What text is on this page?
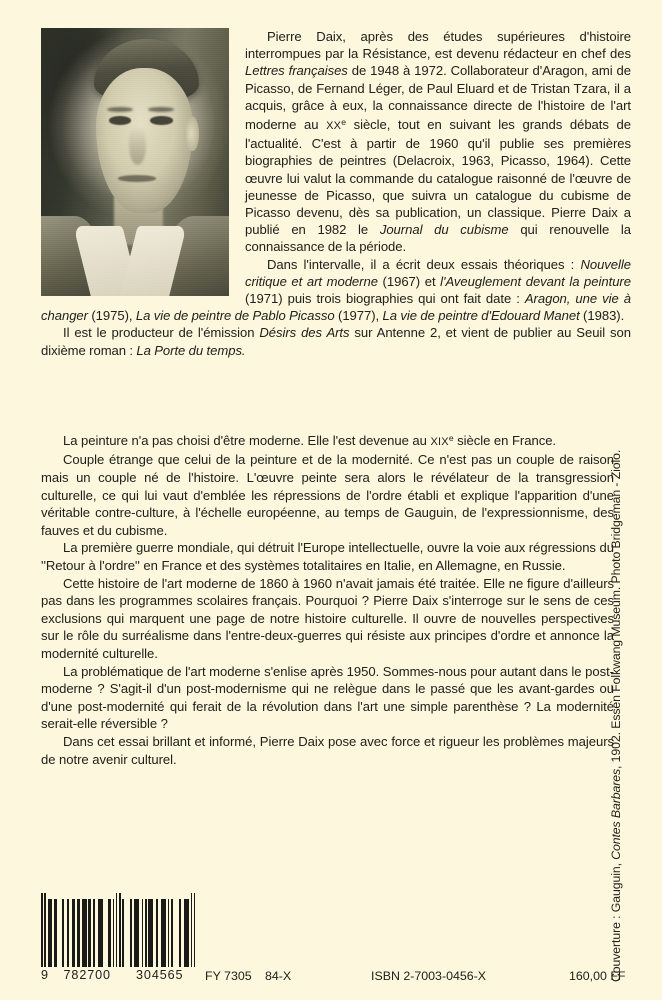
Pierre Daix, après des études supérieures d'histoire interrompues par la Résistance, est devenu rédacteur en chef des Lettres françaises de 1948 à 1972. Collaborateur d'Aragon, ami de Picasso, de Fernand Léger, de Paul Eluard et de Tristan Tzara, il a acquis, grâce à eux, la connaissance directe de l'histoire de l'art moderne au XXe siècle, tout en suivant les grands débats de l'actualité. C'est à partir de 1960 qu'il publie ses premières biographies de peintres (Delacroix, 1963, Picasso, 1964). Cette œuvre lui valut la commande du catalogue raisonné de l'œuvre de jeunesse de Picasso, que suivra un catalogue du cubisme de Picasso devenu, dès sa publication, un classique. Pierre Daix a publié en 1982 le Journal du cubisme qui renouvelle la connaissance de la période.

Dans l'intervalle, il a écrit deux essais théoriques : Nouvelle critique et art moderne (1967) et l'Aveuglement devant la peinture (1971) puis trois biographies qui ont fait date : Aragon, une vie à changer (1975), La vie de peintre de Pablo Picasso (1977), La vie de peintre d'Edouard Manet (1983).

Il est le producteur de l'émission Désirs des Arts sur Antenne 2, et vient de publier au Seuil son dixième roman : La Porte du temps.

La peinture n'a pas choisi d'être moderne. Elle l'est devenue au XIXe siècle en France.

Couple étrange que celui de la peinture et de la modernité. Ce n'est pas un couple de raison mais un couple né de l'histoire. L'œuvre peinte sera alors le révélateur de la transgression culturelle, ce qui lui vaut d'emblée les répressions de l'ordre établi et explique l'apparition d'une véritable contre-culture, à l'échelle européenne, au temps de Gauguin, de l'expressionnisme, des fauves et du cubisme.

La première guerre mondiale, qui détruit l'Europe intellectuelle, ouvre la voie aux régressions du ''Retour à l'ordre'' en France et des systèmes totalitaires en Italie, en Allemagne, en Russie.

Cette histoire de l'art moderne de 1860 à 1960 n'avait jamais été traitée. Elle ne figure d'ailleurs pas dans les programmes scolaires français. Pourquoi ? Pierre Daix s'interroge sur le sens de ces exclusions qui marquent une page de notre histoire culturelle. Il ouvre de nouvelles perspectives sur le rôle du surréalisme dans l'entre-deux-guerres qui résiste aux principes d'ordre et annonce la modernité culturelle.

La problématique de l'art moderne s'enlise après 1950. Sommes-nous pour autant dans le post-moderne ? S'agit-il d'un post-modernisme qui ne relègue dans le passé que les avant-gardes ou d'une post-modernité qui ferait de la révolution dans l'art une simple parenthèse ? La modernité serait-elle réversible ?

Dans cet essai brillant et informé, Pierre Daix pose avec force et rigueur les problèmes majeurs de notre avenir culturel.

Couverture : Gauguin, Contes Barbares, 1902. Essen Folkwang Museum. Photo Bridgeman - Ziolo.
9	782700	304565	FY 7305 84-X	ISBN 2-7003-0456-X	160,00 FF
